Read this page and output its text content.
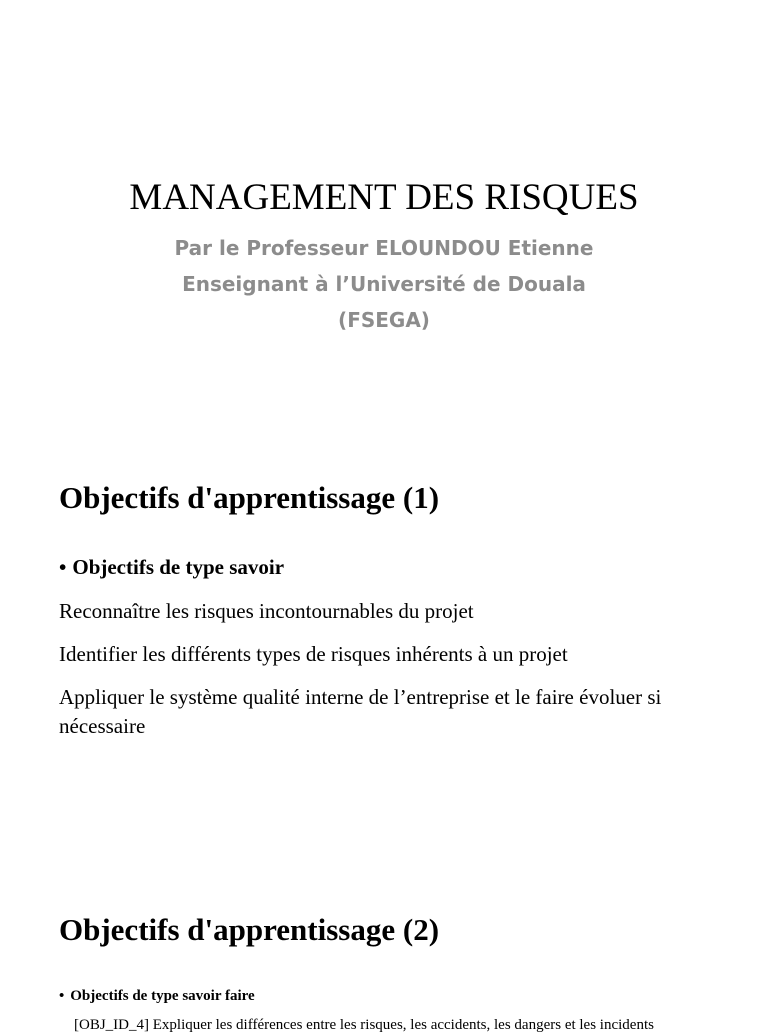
MANAGEMENT DES RISQUES
Par le Professeur ELOUNDOU Etienne
Enseignant à l’Université de Douala
(FSEGA)
Objectifs d'apprentissage (1)
• Objectifs de type savoir
Reconnaître les risques incontournables du projet
Identifier les différents types de risques inhérents à un projet
Appliquer le système qualité interne de l’entreprise et le faire évoluer si nécessaire
Objectifs d'apprentissage (2)
• Objectifs de type savoir faire
[OBJ_ID_4] Expliquer les différences entre les risques, les accidents, les dangers et les incidents
